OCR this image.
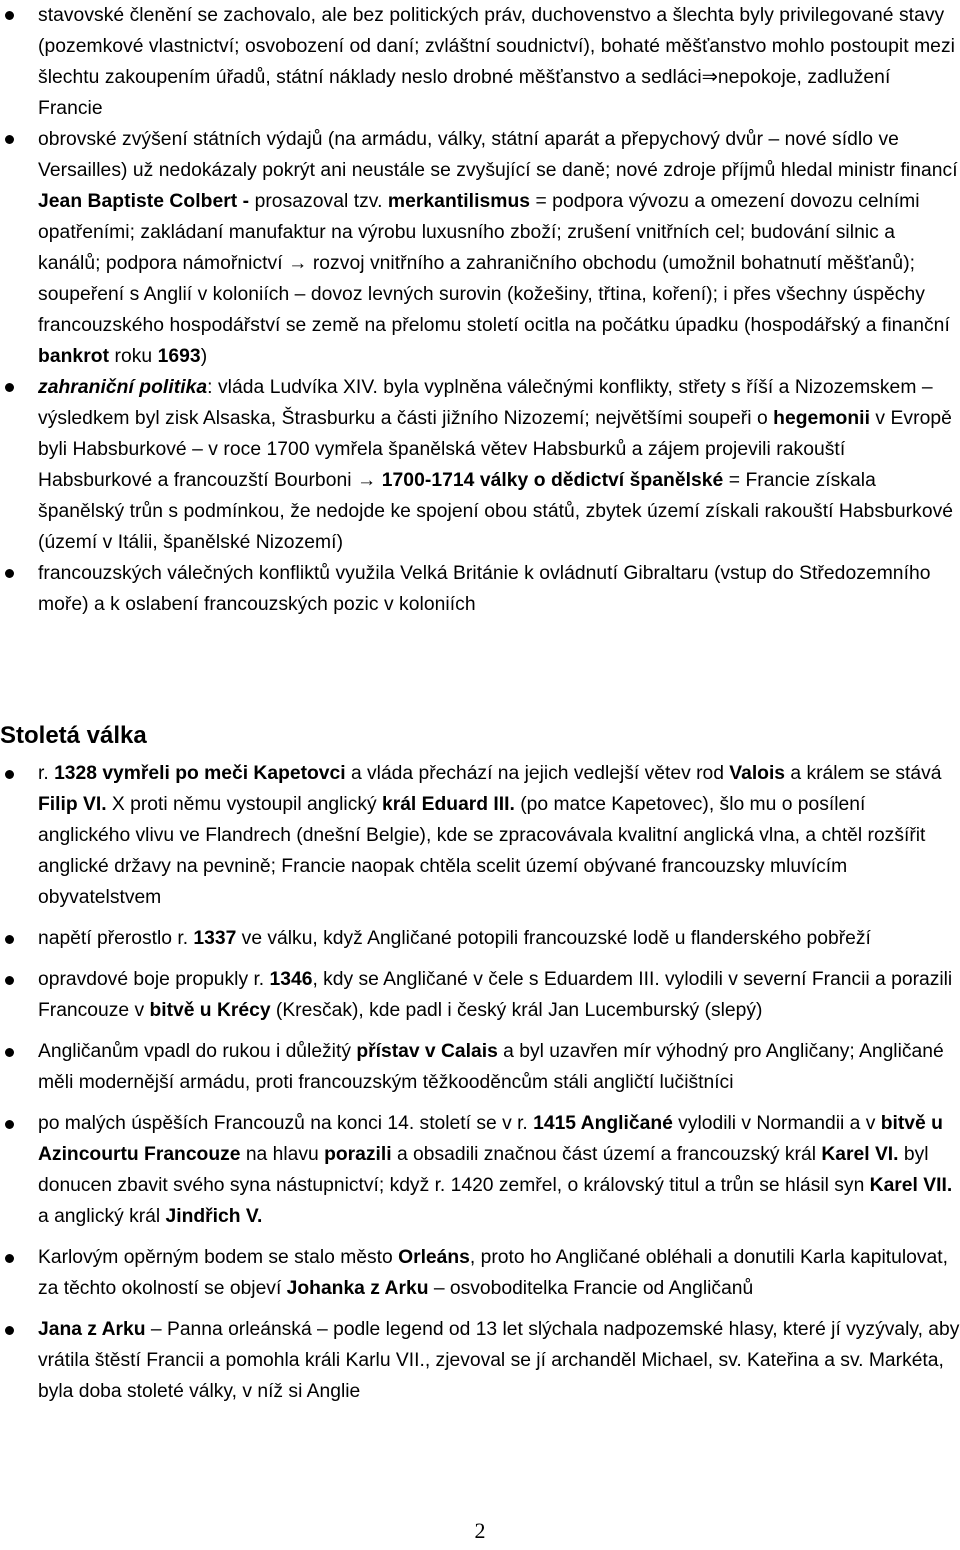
stavovské členění se zachovalo, ale bez politických práv, duchovenstvo a šlechta byly privilegované stavy (pozemkové vlastnictví; osvobození od daní; zvláštní soudnictví), bohaté měšťanstvo mohlo postoupit mezi šlechtu zakoupením úřadů, státní náklady neslo drobné měšťanstvo a sedláci⇒nepokoje, zadlužení Francie
obrovské zvýšení státních výdajů (na armádu, války, státní aparát a přepychový dvůr – nové sídlo ve Versailles) už nedokázaly pokrýt ani neustále se zvyšující se daně; nové zdroje příjmů hledal ministr financí Jean Baptiste Colbert - prosazoval tzv. merkantilismus = podpora vývozu a omezení dovozu celními opatřeními; zakládaní manufaktur na výrobu luxusního zboží; zrušení vnitřních cel; budování silnic a kanálů; podpora námořnictví → rozvoj vnitřního a zahraničního obchodu (umožnil bohatnutí měšťanů); soupeření s Anglií v koloniích – dovoz levných surovin (kožešiny, třtina, koření); i přes všechny úspěchy francouzského hospodářství se země na přelomu století ocitla na počátku úpadku (hospodářský a finanční bankrot roku 1693)
zahraniční politika: vláda Ludvíka XIV. byla vyplněna válečnými konflikty, střety s říší a Nizozemskem – výsledkem byl zisk Alsaska, Štrasburku a části jižního Nizozemí; největšími soupeři o hegemonii v Evropě byli Habsburkové – v roce 1700 vymřela španělská větev Habsburků a zájem projevili rakouští Habsburkové a francouzští Bourboni → 1700-1714 války o dědictví španělské = Francie získala španělský trůn s podmínkou, že nedojde ke spojení obou států, zbytek území získali rakouští Habsburkové (území v Itálii, španělské Nizozemí)
francouzských válečných konfliktů využila Velká Británie k ovládnutí Gibraltaru (vstup do Středozemního moře) a k oslabení francouzských pozic v koloniích
Stoletá válka
r. 1328 vymřeli po meči Kapetovci a vláda přechází na jejich vedlejší větev rod Valois a králem se stává Filip VI. X proti němu vystoupil anglický král Eduard III. (po matce Kapetovec), šlo mu o posílení anglického vlivu ve Flandrech (dnešní Belgie), kde se zpracovávala kvalitní anglická vlna, a chtěl rozšířit anglické državy na pevnině; Francie naopak chtěla scelit území obývané francouzsky mluvícím obyvatelstvem
napětí přerostlo r. 1337 ve válku, když Angličané potopili francouzské lodě u flanderského pobřeží
opravdové boje propukly r. 1346, kdy se Angličané v čele s Eduardem III. vylodili v severní Francii a porazili Francouze v bitvě u Krécy (Kresčak), kde padl i český král Jan Lucemburský (slepý)
Angličanům vpadl do rukou i důležitý přístav v Calais a byl uzavřen mír výhodný pro Angličany; Angličané měli modernější armádu, proti francouzským těžkooděncům stáli angličtí lučištníci
po malých úspěších Francouzů na konci 14. století se v r. 1415 Angličané vylodili v Normandii a v bitvě u Azincourtu Francouze na hlavu porazili a obsadili značnou část území a francouzský král Karel VI. byl donucen zbavit svého syna nástupnictví; když r. 1420 zemřel, o královský titul a trůn se hlásil syn Karel VII. a anglický král Jindřich V.
Karlovým opěrným bodem se stalo město Orleáns, proto ho Angličané obléhali a donutili Karla kapitulovat, za těchto okolností se objeví Johanka z Arku – osvoboditelka Francie od Angličanů
Jana z Arku – Panna orleánská – podle legend od 13 let slýchala nadpozemské hlasy, které jí vyzývaly, aby vrátila štěstí Francii a pomohla králi Karlu VII., zjevoval se jí archanděl Michael, sv. Kateřina a sv. Markéta, byla doba stoleté války, v níž si Anglie
2
